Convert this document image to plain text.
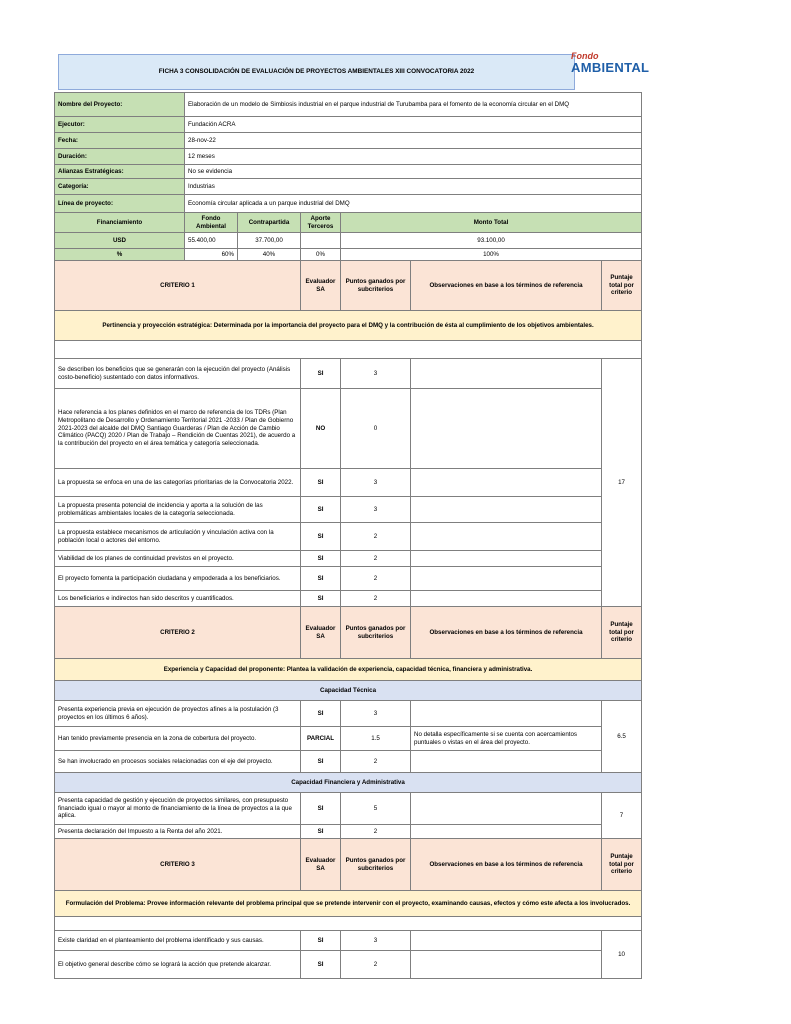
FICHA 3 CONSOLIDACIÓN DE EVALUACIÓN DE PROYECTOS AMBIENTALES XIII CONVOCATORIA 2022
Fondo
AMBIENTAL
Nombre del Proyecto:	Elaboración de un modelo de Simbiosis industrial en el parque industrial de Turubamba para el fomento de la economía circular en el DMQ					
Ejecutor:	Fundación ACRA					
Fecha:	28-nov-22					
Duración:	12 meses					
Alianzas Estratégicas:	No se evidencia					
Categoría:	Industrias					
Línea de proyecto:	Economía circular aplicada a un parque industrial del DMQ					
Financiamiento	Fondo Ambiental	Contrapartida	Aporte Terceros	Monto Total		
USD	55.400,00	37.700,00		93.100,00		
%	60%	40%	0%	100%		
CRITERIO 1			Evaluador SA	Puntos ganados por subcriterios	Observaciones en base a los términos de referencia	Puntaje total por criterio
Pertinencia y proyección estratégica: Determinada por la importancia del proyecto para el DMQ y la contribución de ésta al cumplimiento de los objetivos ambientales.						

Se describen los beneficios que se generarán con la ejecución del proyecto (Análisis costo-beneficio) sustentado con datos informativos.			SI	3		17
Hace referencia a los planes definidos en el marco de referencia de los TDRs (Plan Metropolitano de Desarrollo y Ordenamiento Territorial 2021 -2033 / Plan de Gobierno 2021-2023 del alcalde del DMQ Santiago Guarderas / Plan de Acción de Cambio Climático (PACQ) 2020 / Plan de Trabajo – Rendición de Cuentas 2021), de acuerdo a la contribución del proyecto en el área temática y categoría seleccionada.			NO	0		
La propuesta se enfoca en una de las categorías prioritarias de la Convocatoria 2022.			SI	3		
La propuesta presenta potencial de incidencia y aporta a la solución de las problemáticas ambientales locales de la categoría seleccionada.			SI	3		
La propuesta establece mecanismos de articulación y vinculación activa con la población local o actores del entorno.			SI	2		
Viabilidad de los planes de continuidad previstos en el proyecto.			SI	2		
El proyecto fomenta la participación ciudadana y empoderada a los beneficiarios.			SI	2		
Los beneficiarios e indirectos han sido descritos y cuantificados.			SI	2		
CRITERIO 2			Evaluador SA	Puntos ganados por subcriterios	Observaciones en base a los términos de referencia	Puntaje total por criterio
Experiencia y Capacidad del proponente: Plantea la validación de experiencia, capacidad técnica, financiera y administrativa.						
Capacidad Técnica						
Presenta experiencia previa en ejecución de proyectos afines a la postulación (3 proyectos en los últimos 6 años).			SI	3		6.5
Han tenido previamente presencia en la zona de cobertura del proyecto.			PARCIAL	1.5	No detalla específicamente si se cuenta con acercamientos puntuales o vistas en el área del proyecto.	
Se han involucrado en procesos sociales relacionadas con el eje del proyecto.			SI	2		
Capacidad Financiera y Administrativa						
Presenta capacidad de gestión y ejecución de proyectos similares, con presupuesto financiado igual o mayor al monto de financiamiento de la línea de proyectos a la que aplica.			SI	5		7
Presenta declaración del Impuesto a la Renta del año 2021.			SI	2		
CRITERIO 3			Evaluador SA	Puntos ganados por subcriterios	Observaciones en base a los términos de referencia	Puntaje total por criterio
Formulación del Problema: Provee información relevante del problema principal que se pretende intervenir con el proyecto, examinando causas, efectos y cómo este afecta a los involucrados.						

Existe claridad en el planteamiento del problema identificado y sus causas.			SI	3		10
El objetivo general describe cómo se logrará la acción que pretende alcanzar.			SI	2		
